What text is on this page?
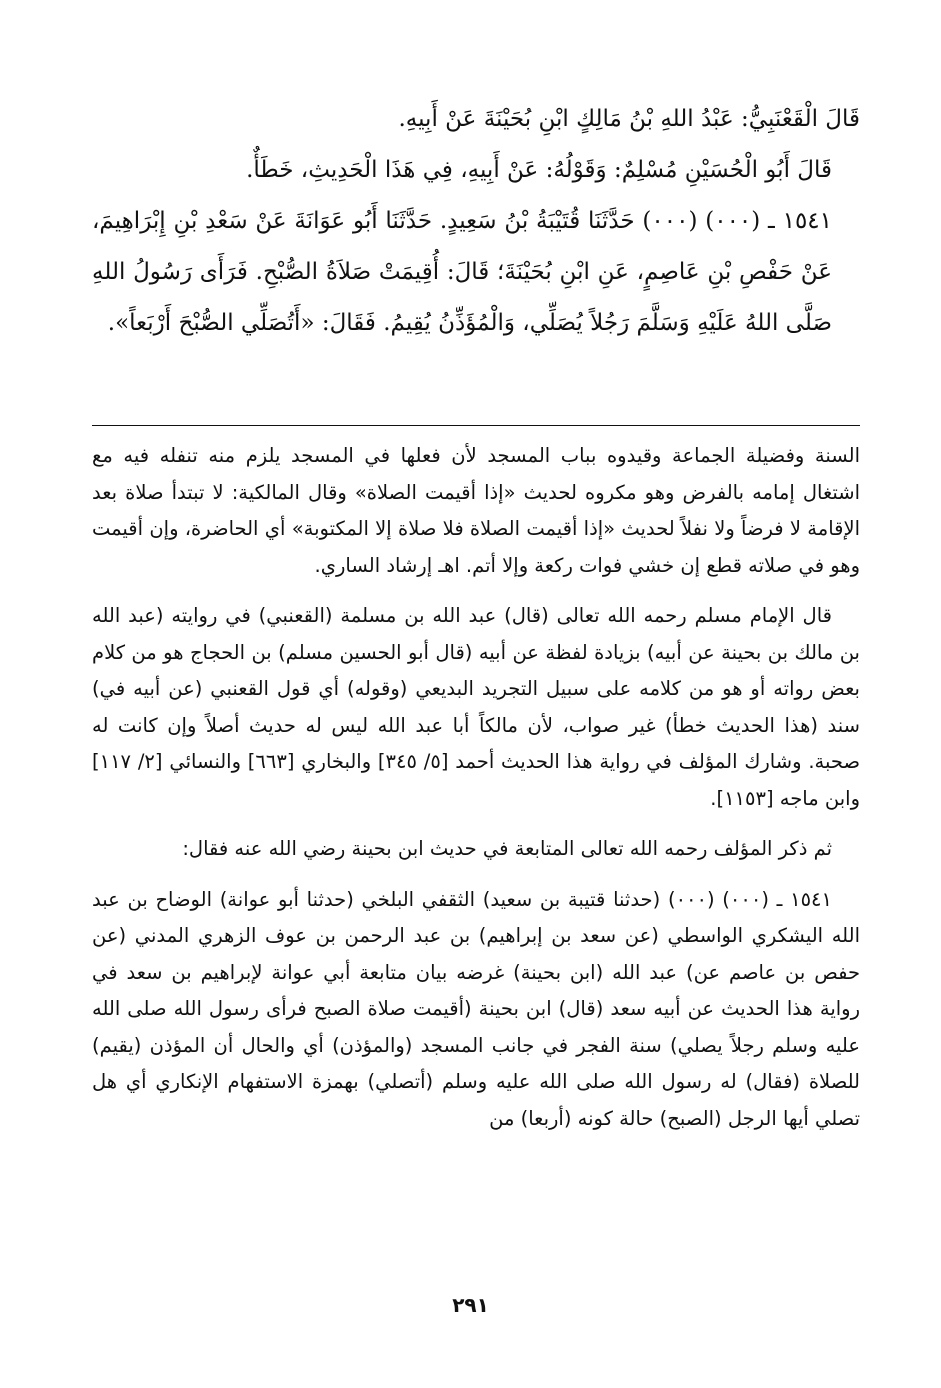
قَالَ الْقَعْنَبِيُّ: عَبْدُ اللهِ بْنُ مَالِكٍ ابْنِ بُحَيْنَةَ عَنْ أَبِيهِ.

قَالَ أَبُو الْحُسَيْنِ مُسْلِمٌ: وَقَوْلُهُ: عَنْ أَبِيهِ، فِي هَذَا الْحَدِيثِ، خَطَأٌ.

١٥٤١ ـ (٠٠٠) (٠٠٠) حَدَّثَنَا قُتَيْبَةُ بْنُ سَعِيدٍ. حَدَّثَنَا أَبُو عَوَانَةَ عَنْ سَعْدِ بْنِ إِبْرَاهِيمَ، عَنْ حَفْصِ بْنِ عَاصِمٍ، عَنِ ابْنِ بُحَيْنَةَ؛ قَالَ: أُقِيمَتْ صَلاَةُ الصُّبْحِ. فَرَأَى رَسُولُ اللهِ صَلَّى اللهُ عَلَيْهِ وَسَلَّمَ رَجُلاً يُصَلِّي، وَالْمُؤَذِّنُ يُقِيمُ. فَقَالَ: «أَتُصَلِّي الصُّبْحَ أَرْبَعاً».

السنة وفضيلة الجماعة وقيدوه بباب المسجد لأن فعلها في المسجد يلزم منه تنفله فيه مع اشتغال إمامه بالفرض وهو مكروه لحديث «إذا أقيمت الصلاة» وقال المالكية: لا تبتدأ صلاة بعد الإقامة لا فرضاً ولا نفلاً لحديث «إذا أقيمت الصلاة فلا صلاة إلا المكتوبة» أي الحاضرة، وإن أقيمت وهو في صلاته قطع إن خشي فوات ركعة وإلا أتم. اهـ إرشاد الساري.

قال الإمام مسلم رحمه الله تعالى (قال) عبد الله بن مسلمة (القعنبي) في روايته (عبد الله بن مالك بن بحينة عن أبيه) بزيادة لفظة عن أبيه (قال أبو الحسين مسلم) بن الحجاج هو من كلام بعض رواته أو هو من كلامه على سبيل التجريد البديعي (وقوله) أي قول القعنبي (عن أبيه في) سند (هذا الحديث خطأ) غير صواب، لأن مالكاً أبا عبد الله ليس له حديث أصلاً وإن كانت له صحبة. وشارك المؤلف في رواية هذا الحديث أحمد [٥/ ٣٤٥] والبخاري [٦٦٣] والنسائي [٢/ ١١٧] وابن ماجه [١١٥٣].

ثم ذكر المؤلف رحمه الله تعالى المتابعة في حديث ابن بحينة رضي الله عنه فقال:

١٥٤١ ـ (٠٠٠) (٠٠٠) (حدثنا قتيبة بن سعيد) الثقفي البلخي (حدثنا أبو عوانة) الوضاح بن عبد الله اليشكري الواسطي (عن سعد بن إبراهيم) بن عبد الرحمن بن عوف الزهري المدني (عن حفص بن عاصم عن) عبد الله (ابن بحينة) غرضه بيان متابعة أبي عوانة لإبراهيم بن سعد في رواية هذا الحديث عن أبيه سعد (قال) ابن بحينة (أقيمت صلاة الصبح فرأى رسول الله صلى الله عليه وسلم رجلاً يصلي) سنة الفجر في جانب المسجد (والمؤذن) أي والحال أن المؤذن (يقيم) للصلاة (فقال) له رسول الله صلى الله عليه وسلم (أتصلي) بهمزة الاستفهام الإنكاري أي هل تصلي أيها الرجل (الصبح) حالة كونه (أربعا) من

٢٩١
